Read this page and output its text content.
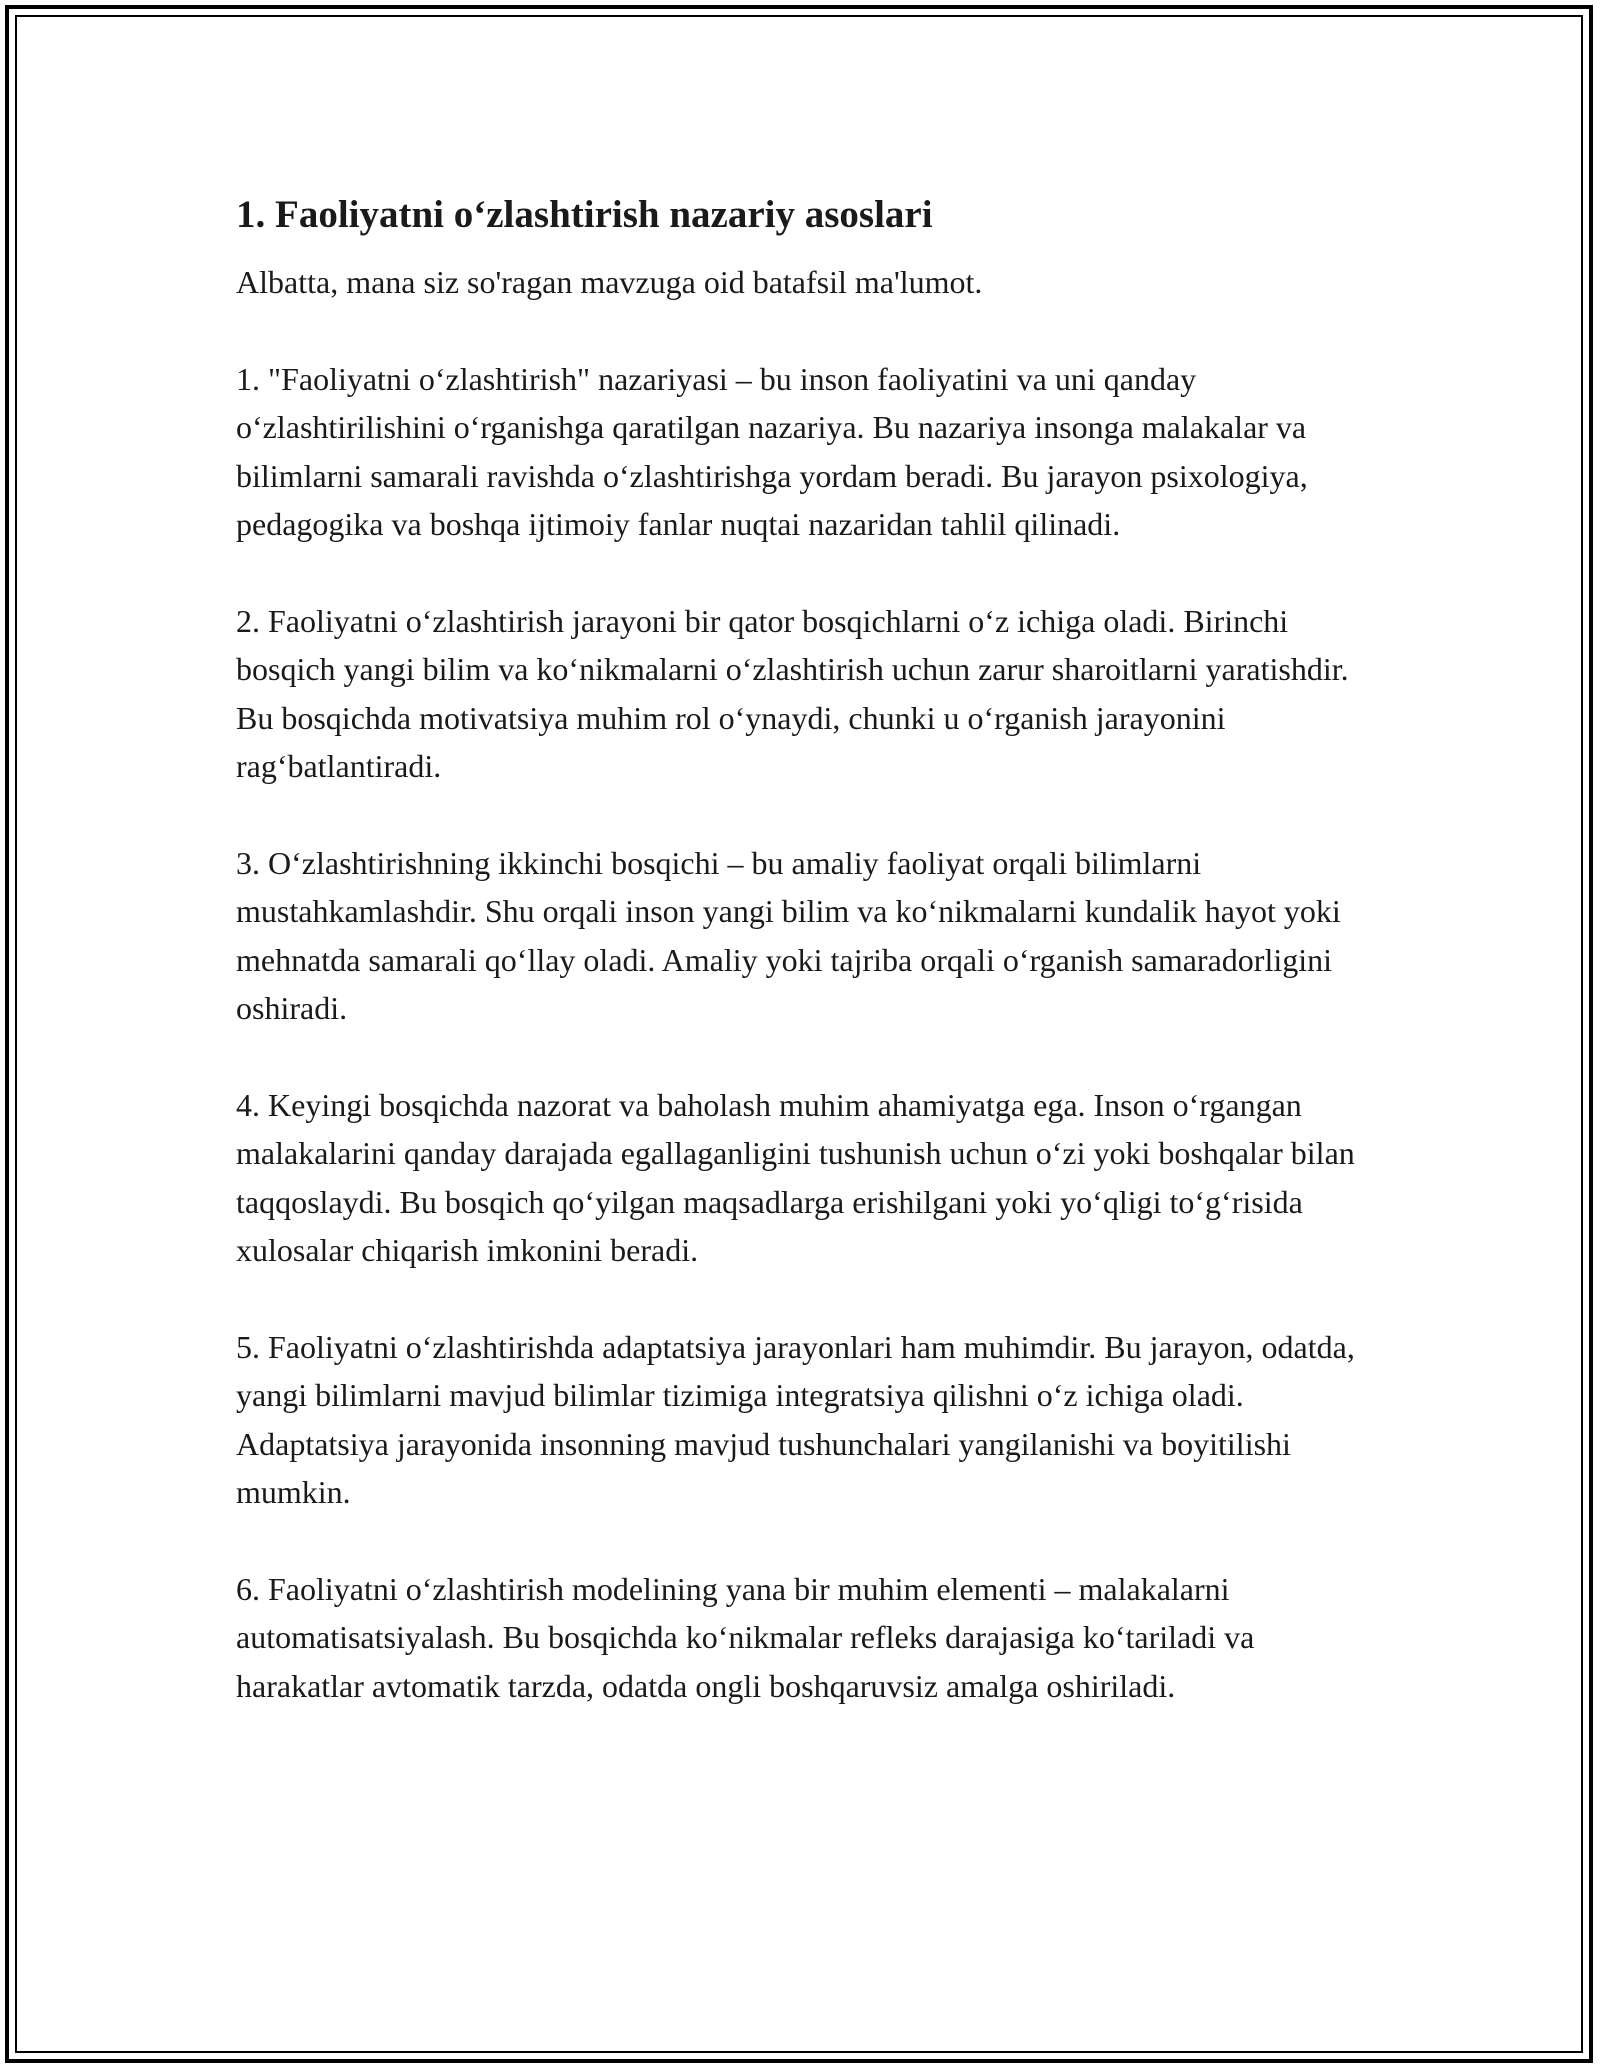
1. Faoliyatni o‘zlashtirish nazariy asoslari

Albatta, mana siz so'ragan mavzuga oid batafsil ma'lumot.

1. "Faoliyatni o‘zlashtirish" nazariyasi – bu inson faoliyatini va uni qanday o‘zlashtirilishini o‘rganishga qaratilgan nazariya. Bu nazariya insonga malakalar va bilimlarni samarali ravishda o‘zlashtirishga yordam beradi. Bu jarayon psixologiya, pedagogika va boshqa ijtimoiy fanlar nuqtai nazaridan tahlil qilinadi.

2. Faoliyatni o‘zlashtirish jarayoni bir qator bosqichlarni o‘z ichiga oladi. Birinchi bosqich yangi bilim va ko‘nikmalarni o‘zlashtirish uchun zarur sharoitlarni yaratishdir. Bu bosqichda motivatsiya muhim rol o‘ynaydi, chunki u o‘rganish jarayonini rag‘batlantiradi.

3. O‘zlashtirishning ikkinchi bosqichi – bu amaliy faoliyat orqali bilimlarni mustahkamlashdir. Shu orqali inson yangi bilim va ko‘nikmalarni kundalik hayot yoki mehnatda samarali qo‘llay oladi. Amaliy yoki tajriba orqali o‘rganish samaradorligini oshiradi.

4. Keyingi bosqichda nazorat va baholash muhim ahamiyatga ega. Inson o‘rgangan malakalarini qanday darajada egallaganligini tushunish uchun o‘zi yoki boshqalar bilan taqqoslaydi. Bu bosqich qo‘yilgan maqsadlarga erishilgani yoki yo‘qligi to‘g‘risida xulosalar chiqarish imkonini beradi.

5. Faoliyatni o‘zlashtirishda adaptatsiya jarayonlari ham muhimdir. Bu jarayon, odatda, yangi bilimlarni mavjud bilimlar tizimiga integratsiya qilishni o‘z ichiga oladi. Adaptatsiya jarayonida insonning mavjud tushunchalari yangilanishi va boyitilishi mumkin.

6. Faoliyatni o‘zlashtirish modelining yana bir muhim elementi – malakalarni automatisatsiyalash. Bu bosqichda ko‘nikmalar refleks darajasiga ko‘tariladi va harakatlar avtomatik tarzda, odatda ongli boshqaruvsiz amalga oshiriladi.
